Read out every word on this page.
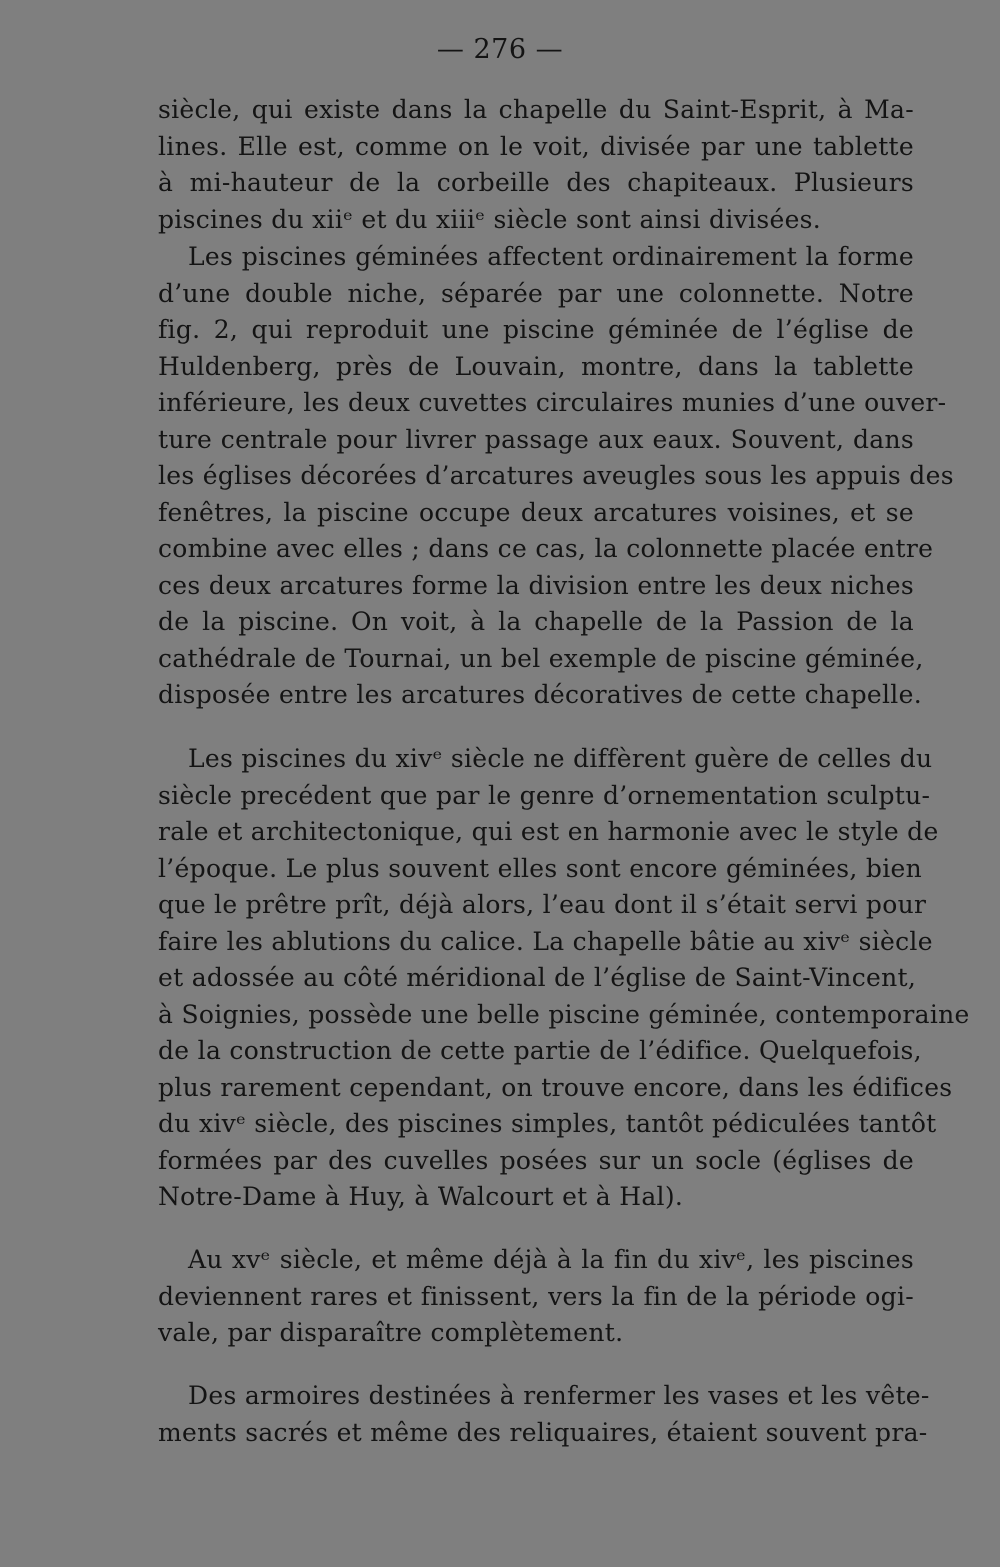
— 276 —
siècle, qui existe dans la chapelle du Saint-Esprit, à Ma-
lines. Elle est, comme on le voit, divisée par une tablette
à mi-hauteur de la corbeille des chapiteaux. Plusieurs
piscines du xiiᵉ et du xiiiᵉ siècle sont ainsi divisées.
Les piscines géminées affectent ordinairement la forme
d’une double niche, séparée par une colonnette. Notre
fig. 2, qui reproduit une piscine géminée de l’église de
Huldenberg, près de Louvain, montre, dans la tablette
inférieure, les deux cuvettes circulaires munies d’une ouver-
ture centrale pour livrer passage aux eaux. Souvent, dans
les églises décorées d’arcatures aveugles sous les appuis des
fenêtres, la piscine occupe deux arcatures voisines, et se
combine avec elles ; dans ce cas, la colonnette placée entre
ces deux arcatures forme la division entre les deux niches
de la piscine. On voit, à la chapelle de la Passion de la
cathédrale de Tournai, un bel exemple de piscine géminée,
disposée entre les arcatures décoratives de cette chapelle.
Les piscines du xivᵉ siècle ne diffèrent guère de celles du
siècle precédent que par le genre d’ornementation sculptu-
rale et architectonique, qui est en harmonie avec le style de
l’époque. Le plus souvent elles sont encore géminées, bien
que le prêtre prît, déjà alors, l’eau dont il s’était servi pour
faire les ablutions du calice. La chapelle bâtie au xivᵉ siècle
et adossée au côté méridional de l’église de Saint-Vincent,
à Soignies, possède une belle piscine géminée, contemporaine
de la construction de cette partie de l’édifice. Quelquefois,
plus rarement cependant, on trouve encore, dans les édifices
du xivᵉ siècle, des piscines simples, tantôt pédiculées tantôt
formées par des cuvelles posées sur un socle (églises de
Notre-Dame à Huy, à Walcourt et à Hal).
Au xvᵉ siècle, et même déjà à la fin du xivᵉ, les piscines
deviennent rares et finissent, vers la fin de la période ogi-
vale, par disparaître complètement.
Des armoires destinées à renfermer les vases et les vête-
ments sacrés et même des reliquaires, étaient souvent pra-
